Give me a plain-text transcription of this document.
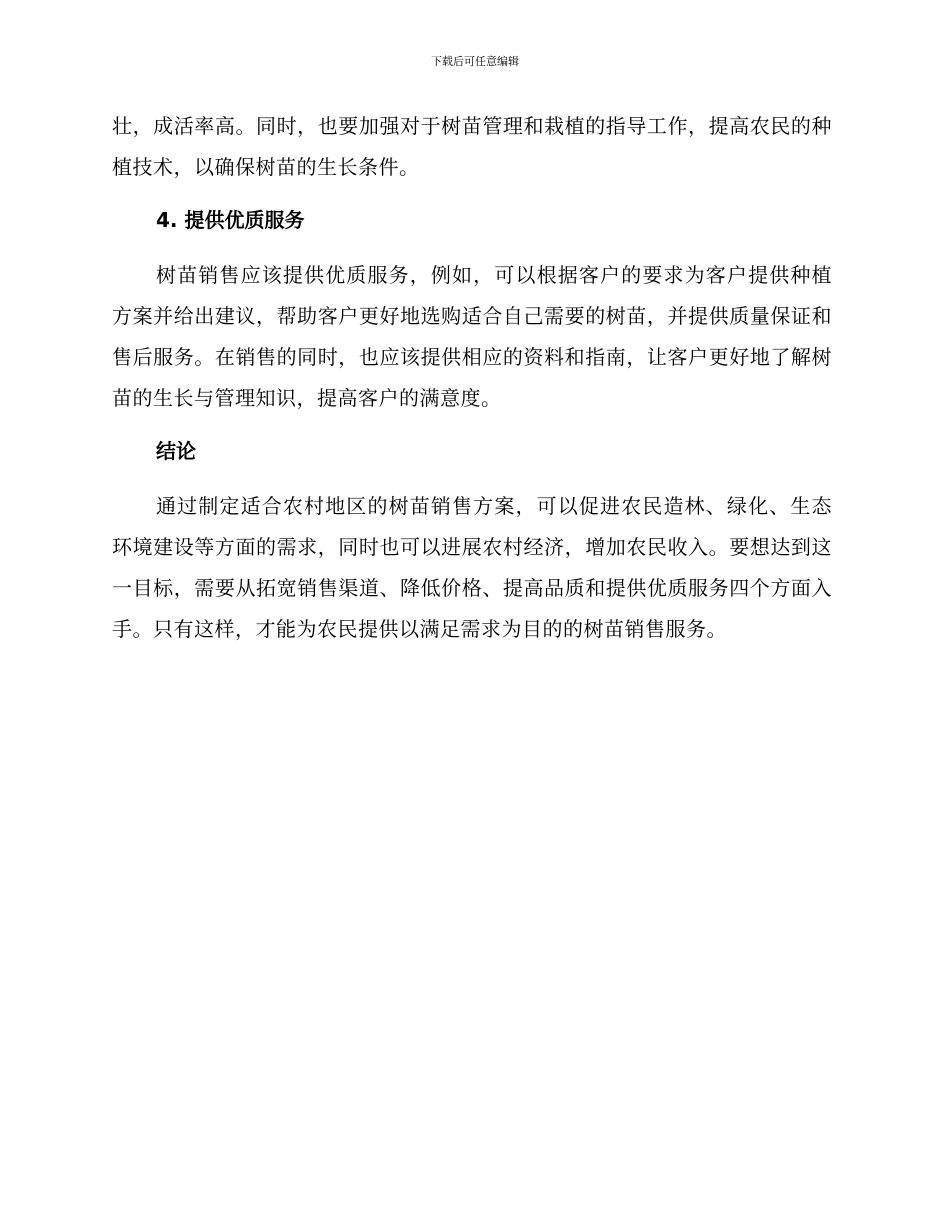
下载后可任意编辑

壮，成活率高。同时，也要加强对于树苗管理和栽植的指导工作，提高农民的种植技术，以确保树苗的生长条件。

4. 提供优质服务

树苗销售应该提供优质服务，例如，可以根据客户的要求为客户提供种植方案并给出建议，帮助客户更好地选购适合自己需要的树苗，并提供质量保证和售后服务。在销售的同时，也应该提供相应的资料和指南，让客户更好地了解树苗的生长与管理知识，提高客户的满意度。

结论

通过制定适合农村地区的树苗销售方案，可以促进农民造林、绿化、生态环境建设等方面的需求，同时也可以进展农村经济，增加农民收入。要想达到这一目标，需要从拓宽销售渠道、降低价格、提高品质和提供优质服务四个方面入手。只有这样，才能为农民提供以满足需求为目的的树苗销售服务。
